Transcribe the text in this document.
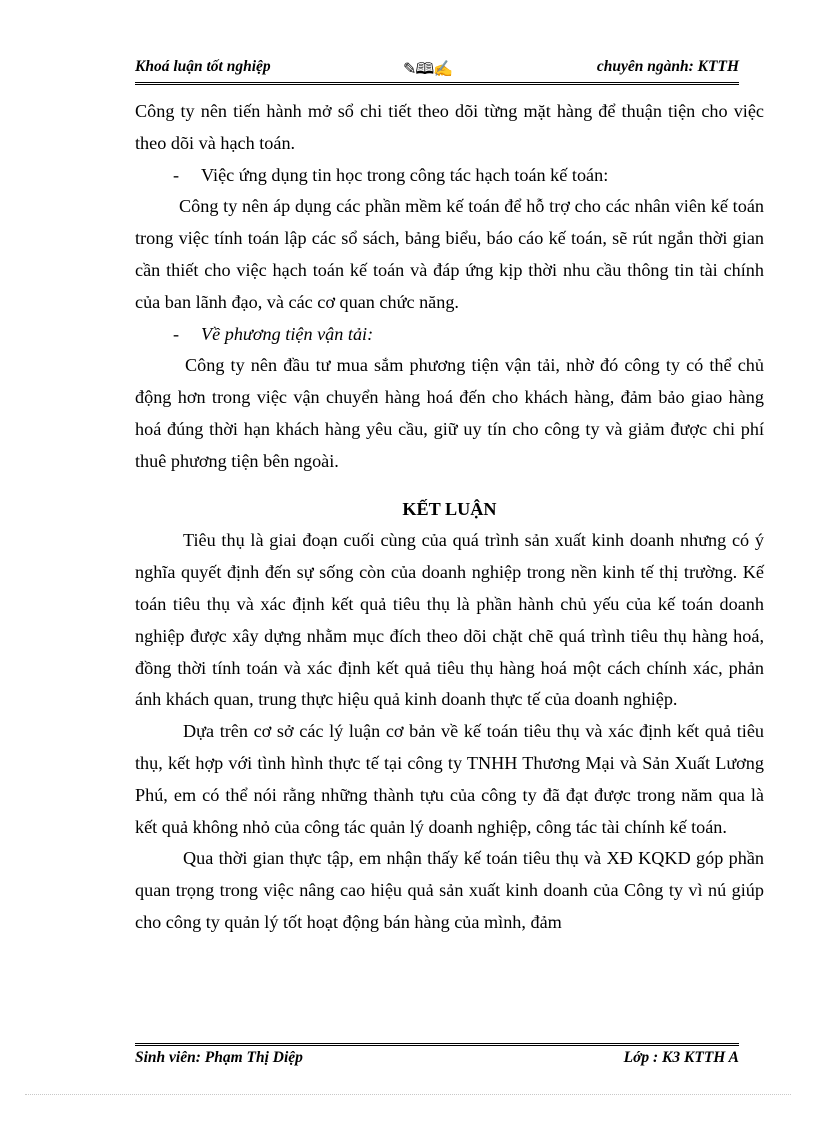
Khoá luận tốt nghiệp	✎🕮✍	chuyên ngành: KTTH

Công ty nên tiến hành mở sổ chi tiết theo dõi từng mặt hàng để thuận tiện cho việc theo dõi và hạch toán.

- Việc ứng dụng tin học trong công tác hạch toán kế toán:

Công ty nên áp dụng các phần mềm kế toán để hỗ trợ cho các nhân viên kế toán trong việc tính toán lập các sổ sách, bảng biểu, báo cáo kế toán, sẽ rút ngắn thời gian cần thiết cho việc hạch toán kế toán và đáp ứng kịp thời nhu cầu thông tin tài chính của ban lãnh đạo, và các cơ quan chức năng.

- Về phương tiện vận tải:

Công ty nên đầu tư mua sắm phương tiện vận tải, nhờ đó công ty có thể chủ động hơn trong việc vận chuyển hàng hoá đến cho khách hàng, đảm bảo giao hàng hoá đúng thời hạn khách hàng yêu cầu, giữ uy tín cho công ty và giảm được chi phí thuê phương tiện bên ngoài.

KẾT LUẬN

Tiêu thụ là giai đoạn cuối cùng của quá trình sản xuất kinh doanh nhưng có ý nghĩa quyết định đến sự sống còn của doanh nghiệp trong nền kinh tế thị trường. Kế toán tiêu thụ và xác định kết quả tiêu thụ là phần hành chủ yếu của kế toán doanh nghiệp được xây dựng nhằm mục đích theo dõi chặt chẽ quá trình tiêu thụ hàng hoá, đồng thời tính toán và xác định kết quả tiêu thụ hàng hoá một cách chính xác, phản ánh khách quan, trung thực hiệu quả kinh doanh thực tế của doanh nghiệp.

Dựa trên cơ sở các lý luận cơ bản về kế toán tiêu thụ và xác định kết quả tiêu thụ, kết hợp với tình hình thực tế tại công ty TNHH Thương Mại và Sản Xuất Lương Phú, em có thể nói rằng những thành tựu của công ty đã đạt được trong năm qua là kết quả không nhỏ của công tác quản lý doanh nghiệp, công tác tài chính kế toán.

Qua thời gian thực tập, em nhận thấy kế toán tiêu thụ và XĐ KQKD góp phần quan trọng trong việc nâng cao hiệu quả sản xuất kinh doanh của Công ty vì nú giúp cho công ty quản lý tốt hoạt động bán hàng của mình, đảm

Sinh viên: Phạm Thị Diệp	Lớp : K3 KTTH A
